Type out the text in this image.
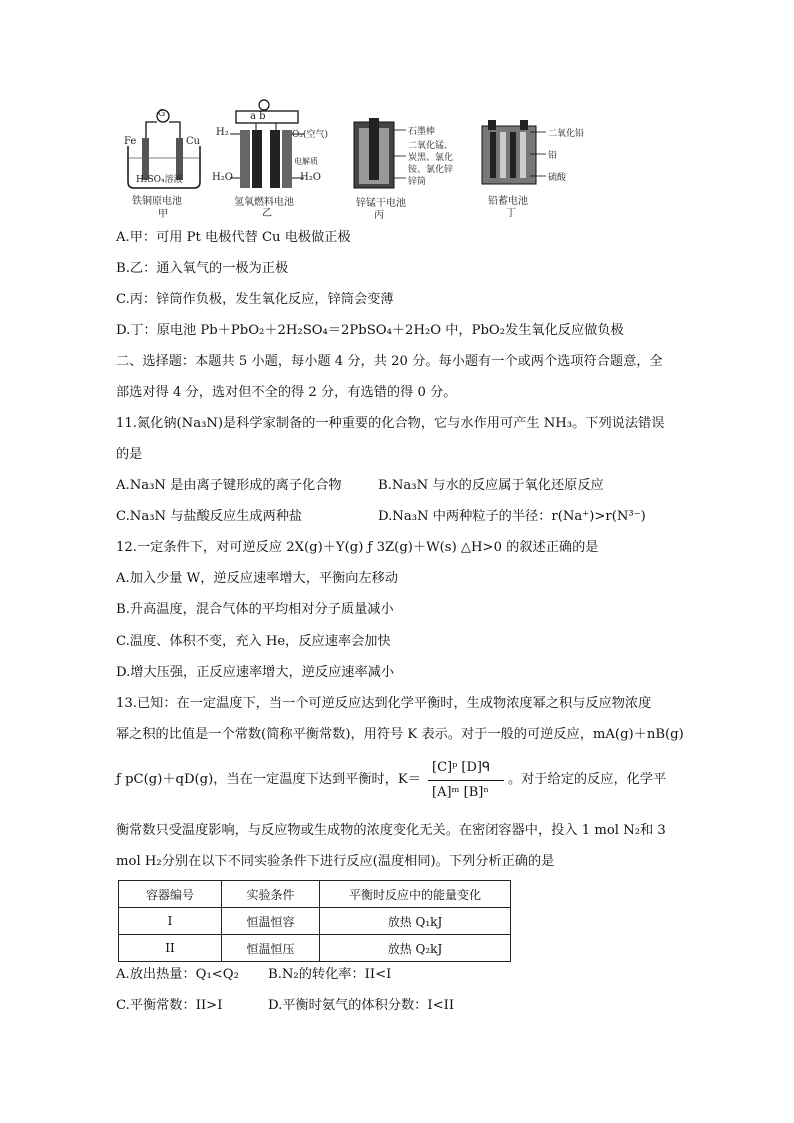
G
Fe	Cu
H₂SO₄溶液
铁铜原电池
甲
a b
H₂	O₂(空气)
电解质
H₂O	H₂O
氢氧燃料电池
乙
石墨棒
二氧化锰、
炭黑、氯化
铵、氯化锌
锌筒
锌锰干电池
丙
二氧化铅
铅
硫酸
铅蓄电池
丁
A.甲：可用 Pt 电极代替 Cu 电极做正极
B.乙：通入氧气的一极为正极
C.丙：锌筒作负极，发生氧化反应，锌筒会变薄
D.丁：原电池 Pb＋PbO₂＋2H₂SO₄＝2PbSO₄＋2H₂O 中，PbO₂发生氧化反应做负极
二、选择题：本题共 5 小题，每小题 4 分，共 20 分。每小题有一个或两个选项符合题意，全
部选对得 4 分，选对但不全的得 2 分，有选错的得 0 分。
11.氮化钠(Na₃N)是科学家制备的一种重要的化合物，它与水作用可产生 NH₃。下列说法错误
的是
A.Na₃N 是由离子键形成的离子化合物	B.Na₃N 与水的反应属于氧化还原反应
C.Na₃N 与盐酸反应生成两种盐	D.Na₃N 中两种粒子的半径：r(Na⁺)>r(N³⁻)
12.一定条件下，对可逆反应 2X(g)＋Y(g) ƒ 3Z(g)＋W(s) △H>0 的叙述正确的是
A.加入少量 W，逆反应速率增大，平衡向左移动
B.升高温度，混合气体的平均相对分子质量减小
C.温度、体积不变，充入 He，反应速率会加快
D.增大压强，正反应速率增大，逆反应速率减小
13.已知：在一定温度下，当一个可逆反应达到化学平衡时，生成物浓度幂之积与反应物浓度
幂之积的比值是一个常数(简称平衡常数)，用符号 K 表示。对于一般的可逆反应，mA(g)＋nB(g)
ƒ pC(g)＋qD(g)，当在一定温度下达到平衡时，K＝
[C]ᵖ [D]ᑫ
[A]ᵐ [B]ⁿ
。对于给定的反应，化学平
衡常数只受温度影响，与反应物或生成物的浓度变化无关。在密闭容器中，投入 1 mol N₂和 3
mol H₂分别在以下不同实验条件下进行反应(温度相同)。下列分析正确的是
容器编号	实验条件	平衡时反应中的能量变化
I	恒温恒容	放热 Q₁kJ
II	恒温恒压	放热 Q₂kJ
A.放出热量：Q₁<Q₂ B.N₂的转化率：II<I
C.平衡常数：II>I	D.平衡时氨气的体积分数：I<II
